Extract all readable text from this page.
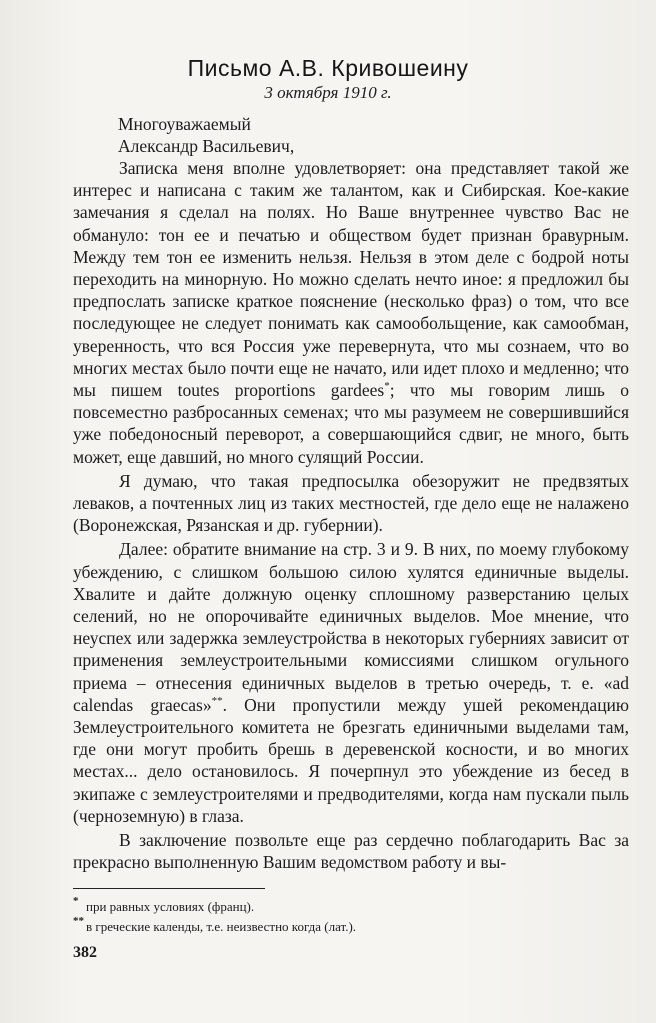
Письмо А.В. Кривошеину
3 октября 1910 г.
Многоуважаемый
Александр Васильевич,

Записка меня вполне удовлетворяет: она представляет такой же интерес и написана с таким же талантом, как и Сибирская. Кое-какие замечания я сделал на полях. Но Ваше внутреннее чувство Вас не обмануло: тон ее и печатью и обществом будет признан бравурным. Между тем тон ее изменить нельзя. Нельзя в этом деле с бодрой ноты переходить на минорную. Но можно сделать нечто иное: я предложил бы предпослать записке краткое пояснение (несколько фраз) о том, что все последующее не следует понимать как самообольщение, как самообман, уверенность, что вся Россия уже перевернута, что мы сознаем, что во многих местах было почти еще не начато, или идет плохо и медленно; что мы пишем toutes proportions gardees*; что мы говорим лишь о повсеместно разбросанных семенах; что мы разумеем не совершившийся уже победоносный переворот, а совершающийся сдвиг, не много, быть может, еще давший, но много сулящий России.

Я думаю, что такая предпосылка обезоружит не предвзятых леваков, а почтенных лиц из таких местностей, где дело еще не налажено (Воронежская, Рязанская и др. губернии).

Далее: обратите внимание на стр. 3 и 9. В них, по моему глубокому убеждению, с слишком большою силою хулятся единичные выделы. Хвалите и дайте должную оценку сплошному разверстанию целых селений, но не опорочивайте единичных выделов. Мое мнение, что неуспех или задержка землеустройства в некоторых губерниях зависит от применения землеустроительными комиссиями слишком огульного приема – отнесения единичных выделов в третью очередь, т. е. «ad calendas graecas»**. Они пропустили между ушей рекомендацию Землеустроительного комитета не брезгать единичными выделами там, где они могут пробить брешь в деревенской косности, и во многих местах... дело остановилось. Я почерпнул это убеждение из бесед в экипаже с землеустроителями и предводителями, когда нам пускали пыль (черноземную) в глаза.

В заключение позвольте еще раз сердечно поблагодарить Вас за прекрасно выполненную Вашим ведомством работу и вы-

* при равных условиях (франц).
** в греческие календы, т.е. неизвестно когда (лат.).
382
